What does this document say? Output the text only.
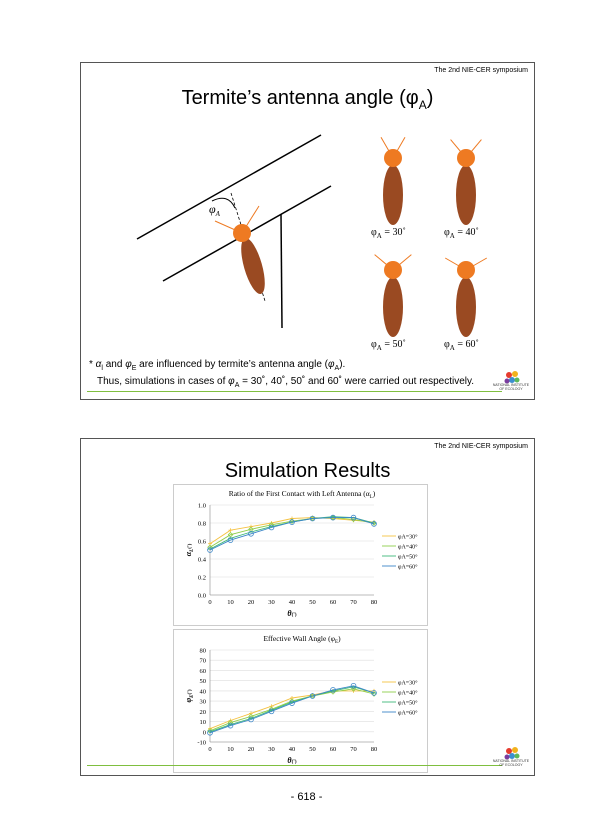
The 2nd NIE-CER symposium
Termite’s antenna angle $(\varphi_A)$
$\varphi_A$
$\varphi_A$ = 30˚	$\varphi_A$ = 40˚
$\varphi_A$ = 50˚	$\varphi_A$ = 60˚
* $\alpha_l$ and $\varphi_E$ are influenced by termite’s antenna angle $(\varphi_A)$.
Thus, simulations in cases of $\varphi_A$ = 30˚, 40˚, 50˚ and 60˚ were carried out respectively.	NATIONAL INSTITUTE
OF ECOLOGY
The 2nd NIE-CER symposium
Simulation Results
Ratio of the First Contact with Left Antenna $(\alpha_L)$
0.0
0.2
0.4
0.6
0.8
1.0
0 10 20 30 40 50 60 70 80
θ(˚)
$\alpha_L^{(˚)}$
φA=30°
φA=40°
φA=50°
φA=60°
Effective Wall Angle $(\varphi_E)$
-10
0
10
20
30
40
50
60
70
80
0 10 20 30 40 50 60 70 80
θ(˚)
$\varphi_E^{(˚)}$
φA=30°
φA=40°
φA=50°
φA=60°
NATIONAL INSTITUTE
OF ECOLOGY
- 618 -
